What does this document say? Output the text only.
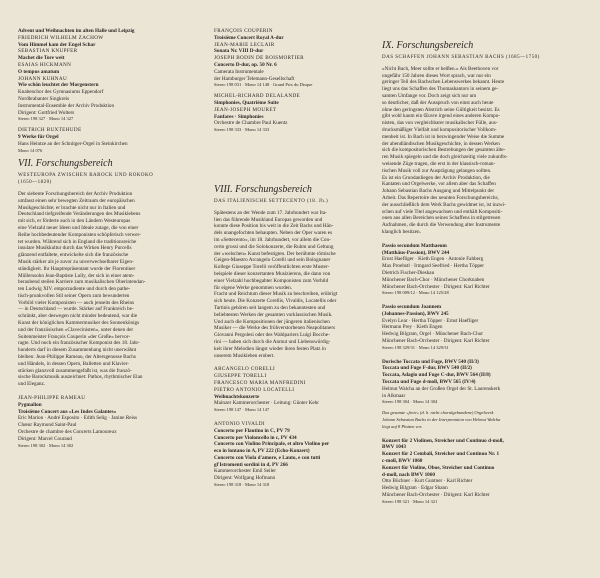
Advent und Weihnachten im alten Halle und Leipzig
FRIEDRICH WILHELM ZACHOW
Vom Himmel kam der Engel Schar
SEBASTIAN KNÜPFER
Machet die Tore weit
ESAIAS HICKMANN
O tempus amatum
JOHANN KUHNAU
Wie schön leuchtet der Morgenstern
Knabenchor des Gymnasiums Eppendorf
Nordbrabanter Singkreis
Instrumental-Ensemble der Archiv Produktion
Dirigent: Gottfried Wolters
Stereo 198 327 · Mono 14 327
DIETRICH BUXTEHUDE
9 Werke für Orgel
Hans Heintze an der Schnitger-Orgel in Steinkirchen
Mono 14 076
VII. Forschungsbereich
WESTEUROPA ZWISCHEN BAROCK UND ROKOKO
(1650—1820)
Der siebente Forschungsbereich der Archiv Produktion
umfasst einen sehr bewegten Zeitraum der europäischen
Musikgeschichte; er brachte nicht nur in Italien und
Deutschland tiefgreifende Veränderungen des Musiklebens
mit sich, er förderte auch in den Ländern Westeuropas
eine Vielzahl neuer Ideen und Ideale zutage, die von einer
Reihe hochbedeutender Komponisten schöpferisch verwer-
tet wurden. Während sich in England die traditionsreiche
insulare Musikkultur durch das Wirken Henry Purcells
glänzend entfaltete, entwickelte sich die französische
Musik stärker als je zuvor zu unverwechselbarer Eigen-
ständigkeit. Ihr Hauptrepräsentant wurde der Florentiner
Müllerssohn Jean-Baptiste Lully, der sich in einer atem-
beraubend steilen Karriere zum musikalischen Oberintendan-
ten Ludwig XIV. emporzudiente und durch den pathe-
tisch-prunkvollen Stil seiner Opern zum bewunderten
Vorbild vieler Komponisten — auch jenseits des Rheins
— in Deutschland — wurde. Stärker auf Frankreich be-
schränkt, aber deswegen nicht minder bedeutend, war die
Kunst der königlichen Kammermusiker des Sonnenkönigs
und der französischen »Clavecinisten«, unter denen der
Suitenmeister François Couperin »der Große« hervor-
ragte. Und noch ein französischer Komponist des 18. Jahr-
hunderts darf in diesem Zusammenhang nicht unerwähnt
bleiben: Jean-Philippe Rameau, der Altersgenosse Bachs
und Händels, in dessen Opern, Balletten und Klavier-
stücken glanzvoll zusammengefaßt ist, was die franzö-
sische Barockmusik auszeichnet: Pathos, rhythmischer Elan
und Eleganz.
JEAN-PHILIPPE RAMEAU
Pygmalion
Troisième Concert aus »Les Indes Galantes«
Eric Marion · André Esposito · Edith Selig · Janine Reiss
Chœur Raymond Saint-Paul
Orchestre de chambre des Concerts Lamoureux
Dirigent: Marcel Couraud
Stereo 198 302 · Mono 14 302
FRANÇOIS COUPERIN
Troisième Concert Royal A-dur
JEAN-MARIE LECLAIR
Sonata Nr. VIII D-dur
JOSEPH BODIN DE BOISMORTIER
Concerto D-dur, op. 50 Nr. 6
Camerata Instrumentale
der Hamburger Telemann-Gesellschaft
Stereo 198 031 · Mono 14 148 · Grand Prix du Disque
MICHEL-RICHARD DELALANDE
Simphonies, Quatrième Suite
JEAN-JOSEPH MOURET
Fanfares · Simphonies
Orchestre de Chambre Paul Kuentz
Stereo 198 333 · Mono 14 333
VIII. Forschungsbereich
DAS ITALIENISCHE SETTECENTO (18. Jh.)
Spätestens an der Wende zum 17. Jahrhundert war Ita-
lien das führende Musikland Europas geworden und
konnte diese Position bis weit in die Zeit Bachs und Hän-
dels unangefochten behaupten. Neben der Oper waren es
im »Settecento«, im 18. Jahrhundert, vor allem die Con-
certo grossi und die Solokonzerte, die Ruhm und Geltung
der »welschen« Kunst befestigten. Der berühmte römische
Geigen-Maestro Arcangelo Corelli und sein Bolognaner
Kollege Giuseppe Torelli veröffentlichten erste Muster-
beispiele dieser konzertanten Musizierens, die dann von
einer Vielzahl hochbegabter Komponisten zum Vorbild
für eigene Werke genommen wurden.
Fracht und Reichtum dieser Musik zu beschreiben, erübrigt
sich heute. Die Konzerte Corellis, Vivaldis, Locatellis oder
Tartinis gehören seit langem zu den bekanntesten und
beliebtesten Werken der gesamten vorklassischen Musik.
Und auch die Kompositionen der jüngeren italienischen
Musiker — die Werke des frühverstorbenen Neapolitaners
Giovanni Pergolesi oder des Wahlpariers Luigi Bocche-
rini — haben sich durch die Anmut und Liebenswürdig-
keit ihrer Melodien längst wieder ihren festen Platz in
unserem Musikleben erobert.
ARCANGELO CORELLI
GIUSEPPE TORELLI
FRANCESCO MARIA MANFREDINI
PIETRO ANTONIO LOCATELLI
Weihnachtskonzerte
Mainzer Kammerorchester · Leitung: Günter Kehr
Stereo 198 147 · Mono 14 147
ANTONIO VIVALDI
Concerto per Flautino in C, PV 79
Concerto per Violoncello in c, PV 434
Concerto con Violino Principale, et altro Violino per
eco in lontano in A, PV 222 (Echo-Konzert)
Concerto con Viola d'amore, e Lauto, e con tutti
gl'Istromenti sordini in d, PV 266
Kammerorchester Emil Seiler
Dirigent: Wolfgang Hofmann
Stereo 198 318 · Mono 14 318
IX. Forschungsbereich
DAS SCHAFFEN JOHANN SEBASTIAN BACHS (1685—1750)
»Nicht Bach, Meer sollte er heißen.« Als Beethoven vor
ungefähr 150 Jahren dieses Wort sprach, war nur ein
geringer Teil des Bachschen Lebenswerkes bekannt. Heute
liegt uns das Schaffen des Thomaskantors in seinem ge-
samten Umfange vor. Doch zeigt sich nur um
so deutlicher, daß der Ausspruch von einst auch heute
ohne den geringsten Abstrich seine Gültigkeit besitzt. Es
gibt wohl kaum ein Œuvre irgend eines anderen Kompo-
nisten, das von vergleichbarer musikalischer Fülle, aus-
drucksmäßiger Vielfalt und kompositorischer Vollkom-
menheit ist. In Bach ist in bezwingender Weise die Summe
der abendländischen Musikgeschichte, in dessen Werken
sich die kompositorischen Bestrebungen der gesamten älte-
ren Musik spiegeln und die doch gleichzeitig viele zukunfts-
weisende Züge tragen, die erst in der klassisch-roman-
tischen Musik voll zur Ausprägung gelangen sollten.
Es ist ein Grundanliegen der Archiv Produktion, die
Kantaten und Orgelwerke, vor allem aber das Schaffen
Johann Sebastian Bachs Ausgang und Mittelpunkt der
Arbeit. Das Repertoire des neunten Forschungsbereichs,
der ausschließlich dem Werk Bachs gewidmet ist, ist inzwi-
schen auf viele Titel angewachsen und enthält Kompositi-
onen aus allen Bereichen seines Schaffens in stilgetreuen
Aufnahmen, die durch die Verwendung alter Instrumente
klanglich besitzen.
Passio secundum Matthaeum
(Matthäus-Passion), BWV 244
Ernst Haefliger · Kieth Engen · Antonie Fahberg
Max Proebstl · Irmgard Seefried · Hertha Töpper
Dietrich Fischer-Dieskau
Münchener Bach-Chor · Münchener Chorknaben
Münchener Bach-Orchester · Dirigent: Karl Richter
Stereo 198 009/12 · Mono 14 125/28
Passio secundum Joannem
(Johannes-Passion), BWV 245
Evelyn Lear · Hertha Töpper · Ernst Haefliger
Hermann Prey · Kieth Engen
Hedwig Bilgram, Orgel · Münchener Bach-Chor
Münchener Bach-Orchester · Dirigent: Karl Richter
Stereo 198 329/31 · Mono 14 329/31
Dorische Toccata und Fuge, BWV 540 (II/3)
Toccata und Fuge F-dur, BWV 540 (II/2)
Toccata, Adagio und Fuge C-dur, BWV 564 (II/8)
Toccata und Fuge d-moll, BWV 565 (IV/4)
Helmut Walcha an der Großen Orgel der St. Laurenskerk
in Alkmaar
Stereo 198 304 · Mono 14 304
Das gesamte »freie« (d. h. nicht choralgebundene) Orgelwerk
Johann Sebastian Bachs in der Interpretation von Helmut Walcha
liegt auf 8 Platten vor.
Konzert für 2 Violinen, Streicher und Continuo d-moll,
BWV 1043
Konzert für 2 Cembali, Streicher und Continuo Nr. 1
c-moll, BWV 1060
Konzert für Violine, Oboe, Streicher und Continuo
d-moll, nach BWV 1060
Otto Büchner · Kurt Guntner · Karl Richter
Hedwig Bilgram · Edgar Shann
Münchener Bach-Orchester · Dirigent: Karl Richter
Stereo 198 321 · Mono 14 321
